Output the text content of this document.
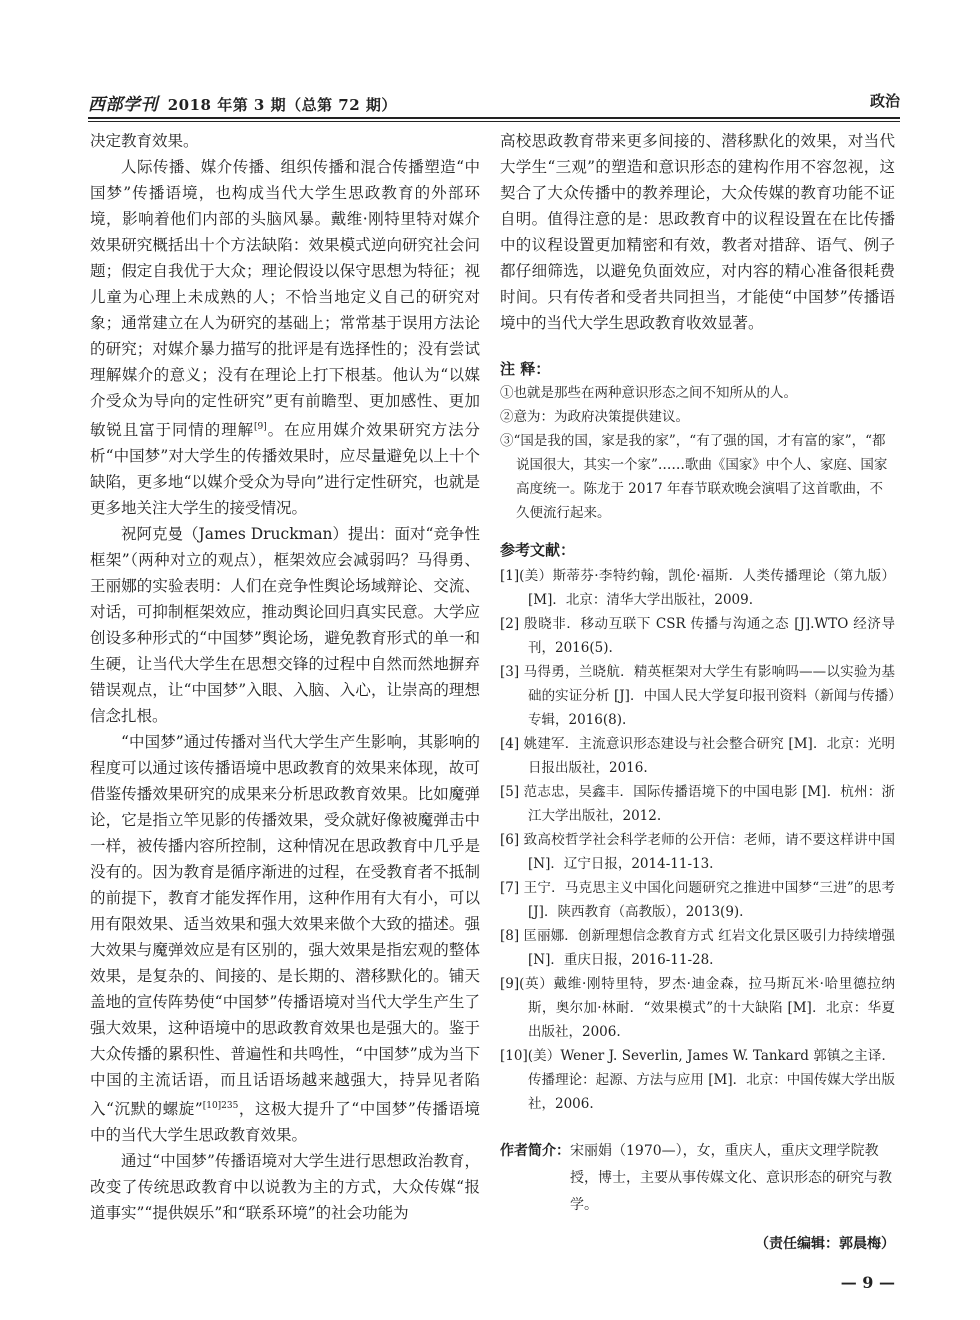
西部学刊 2018 年第 3 期（总第 72 期）	政治

决定教育效果。

人际传播、媒介传播、组织传播和混合传播塑造“中国梦”传播语境，也构成当代大学生思政教育的外部环境，影响着他们内部的头脑风暴。戴维·刚特里特对媒介效果研究概括出十个方法缺陷：效果模式逆向研究社会问题；假定自我优于大众；理论假设以保守思想为特征；视儿童为心理上未成熟的人；不恰当地定义自己的研究对象；通常建立在人为研究的基础上；常常基于误用方法论的研究；对媒介暴力描写的批评是有选择性的；没有尝试理解媒介的意义；没有在理论上打下根基。他认为“以媒介受众为导向的定性研究”更有前瞻型、更加感性、更加敏锐且富于同情的理解[9]。在应用媒介效果研究方法分析“中国梦”对大学生的传播效果时，应尽量避免以上十个缺陷，更多地“以媒介受众为导向”进行定性研究，也就是更多地关注大学生的接受情况。

祝阿克曼（James Druckman）提出：面对“竞争性框架”（两种对立的观点），框架效应会减弱吗？马得勇、王丽娜的实验表明：人们在竞争性舆论场域辩论、交流、对话，可抑制框架效应，推动舆论回归真实民意。大学应创设多种形式的“中国梦”舆论场，避免教育形式的单一和生硬，让当代大学生在思想交锋的过程中自然而然地摒弃错误观点，让“中国梦”入眼、入脑、入心，让崇高的理想信念扎根。

“中国梦”通过传播对当代大学生产生影响，其影响的程度可以通过该传播语境中思政教育的效果来体现，故可借鉴传播效果研究的成果来分析思政教育效果。比如魔弹论，它是指立竿见影的传播效果，受众就好像被魔弹击中一样，被传播内容所控制，这种情况在思政教育中几乎是没有的。因为教育是循序渐进的过程，在受教育者不抵制的前提下，教育才能发挥作用，这种作用有大有小，可以用有限效果、适当效果和强大效果来做个大致的描述。强大效果与魔弹效应是有区别的，强大效果是指宏观的整体效果，是复杂的、间接的、是长期的、潜移默化的。铺天盖地的宣传阵势使“中国梦”传播语境对当代大学生产生了强大效果，这种语境中的思政教育效果也是强大的。鉴于大众传播的累积性、普遍性和共鸣性，“中国梦”成为当下中国的主流话语，而且话语场越来越强大，持异见者陷入“沉默的螺旋”$^{[10]235}$，这极大提升了“中国梦”传播语境中的当代大学生思政教育效果。

通过“中国梦”传播语境对大学生进行思想政治教育，改变了传统思政教育中以说教为主的方式，大众传媒“报道事实”“提供娱乐”和“联系环境”的社会功能为

高校思政教育带来更多间接的、潜移默化的效果，对当代大学生“三观”的塑造和意识形态的建构作用不容忽视，这契合了大众传播中的教养理论，大众传媒的教育功能不证自明。值得注意的是：思政教育中的议程设置在在比传播中的议程设置更加精密和有效，教者对措辞、语气、例子都仔细筛选，以避免负面效应，对内容的精心准备很耗费时间。只有传者和受者共同担当，才能使“中国梦”传播语境中的当代大学生思政教育收效显著。

注 释：

①也就是那些在两种意识形态之间不知所从的人。

②意为：为政府决策提供建议。

③“国是我的国，家是我的家”，“有了强的国，才有富的家”，“都说国很大，其实一个家”……歌曲《国家》中个人、家庭、国家高度统一。陈龙于 2017 年春节联欢晚会演唱了这首歌曲，不久便流行起来。

参考文献：

[1](美）斯蒂芬·李特约翰，凯伦·福斯．人类传播理论（第九版）[M]．北京：清华大学出版社，2009.

[2] 殷晓非．移动互联下 CSR 传播与沟通之态 [J].WTO 经济导刊，2016(5).

[3] 马得勇，兰晓航．精英框架对大学生有影响吗——以实验为基础的实证分析 [J]．中国人民大学复印报刊资料（新闻与传播）专辑，2016(8).

[4] 姚建军．主流意识形态建设与社会整合研究 [M]．北京：光明日报出版社，2016.

[5] 范志忠，吴鑫丰．国际传播语境下的中国电影 [M]．杭州：浙江大学出版社，2012.

[6] 致高校哲学社会科学老师的公开信：老师，请不要这样讲中国 [N]．辽宁日报，2014-11-13.

[7] 王宁．马克思主义中国化问题研究之推进中国梦“三进”的思考 [J]．陕西教育（高教版），2013(9).

[8] 匡丽娜．创新理想信念教育方式 红岩文化景区吸引力持续增强 [N]．重庆日报，2016-11-28.

[9](英）戴维·刚特里特，罗杰·迪金森，拉马斯瓦米·哈里德拉纳斯，奥尔加·林耐．“效果模式”的十大缺陷 [M]．北京：华夏出版社，2006.

[10](美）Wener J. Severlin, James W. Tankard 郭镇之主译．传播理论：起源、方法与应用 [M]．北京：中国传媒大学出版社，2006.

作者简介：宋丽娟（1970—），女，重庆人，重庆文理学院教授，博士，主要从事传媒文化、意识形态的研究与教学。
（责任编辑：郭晨梅）
— 9 —
